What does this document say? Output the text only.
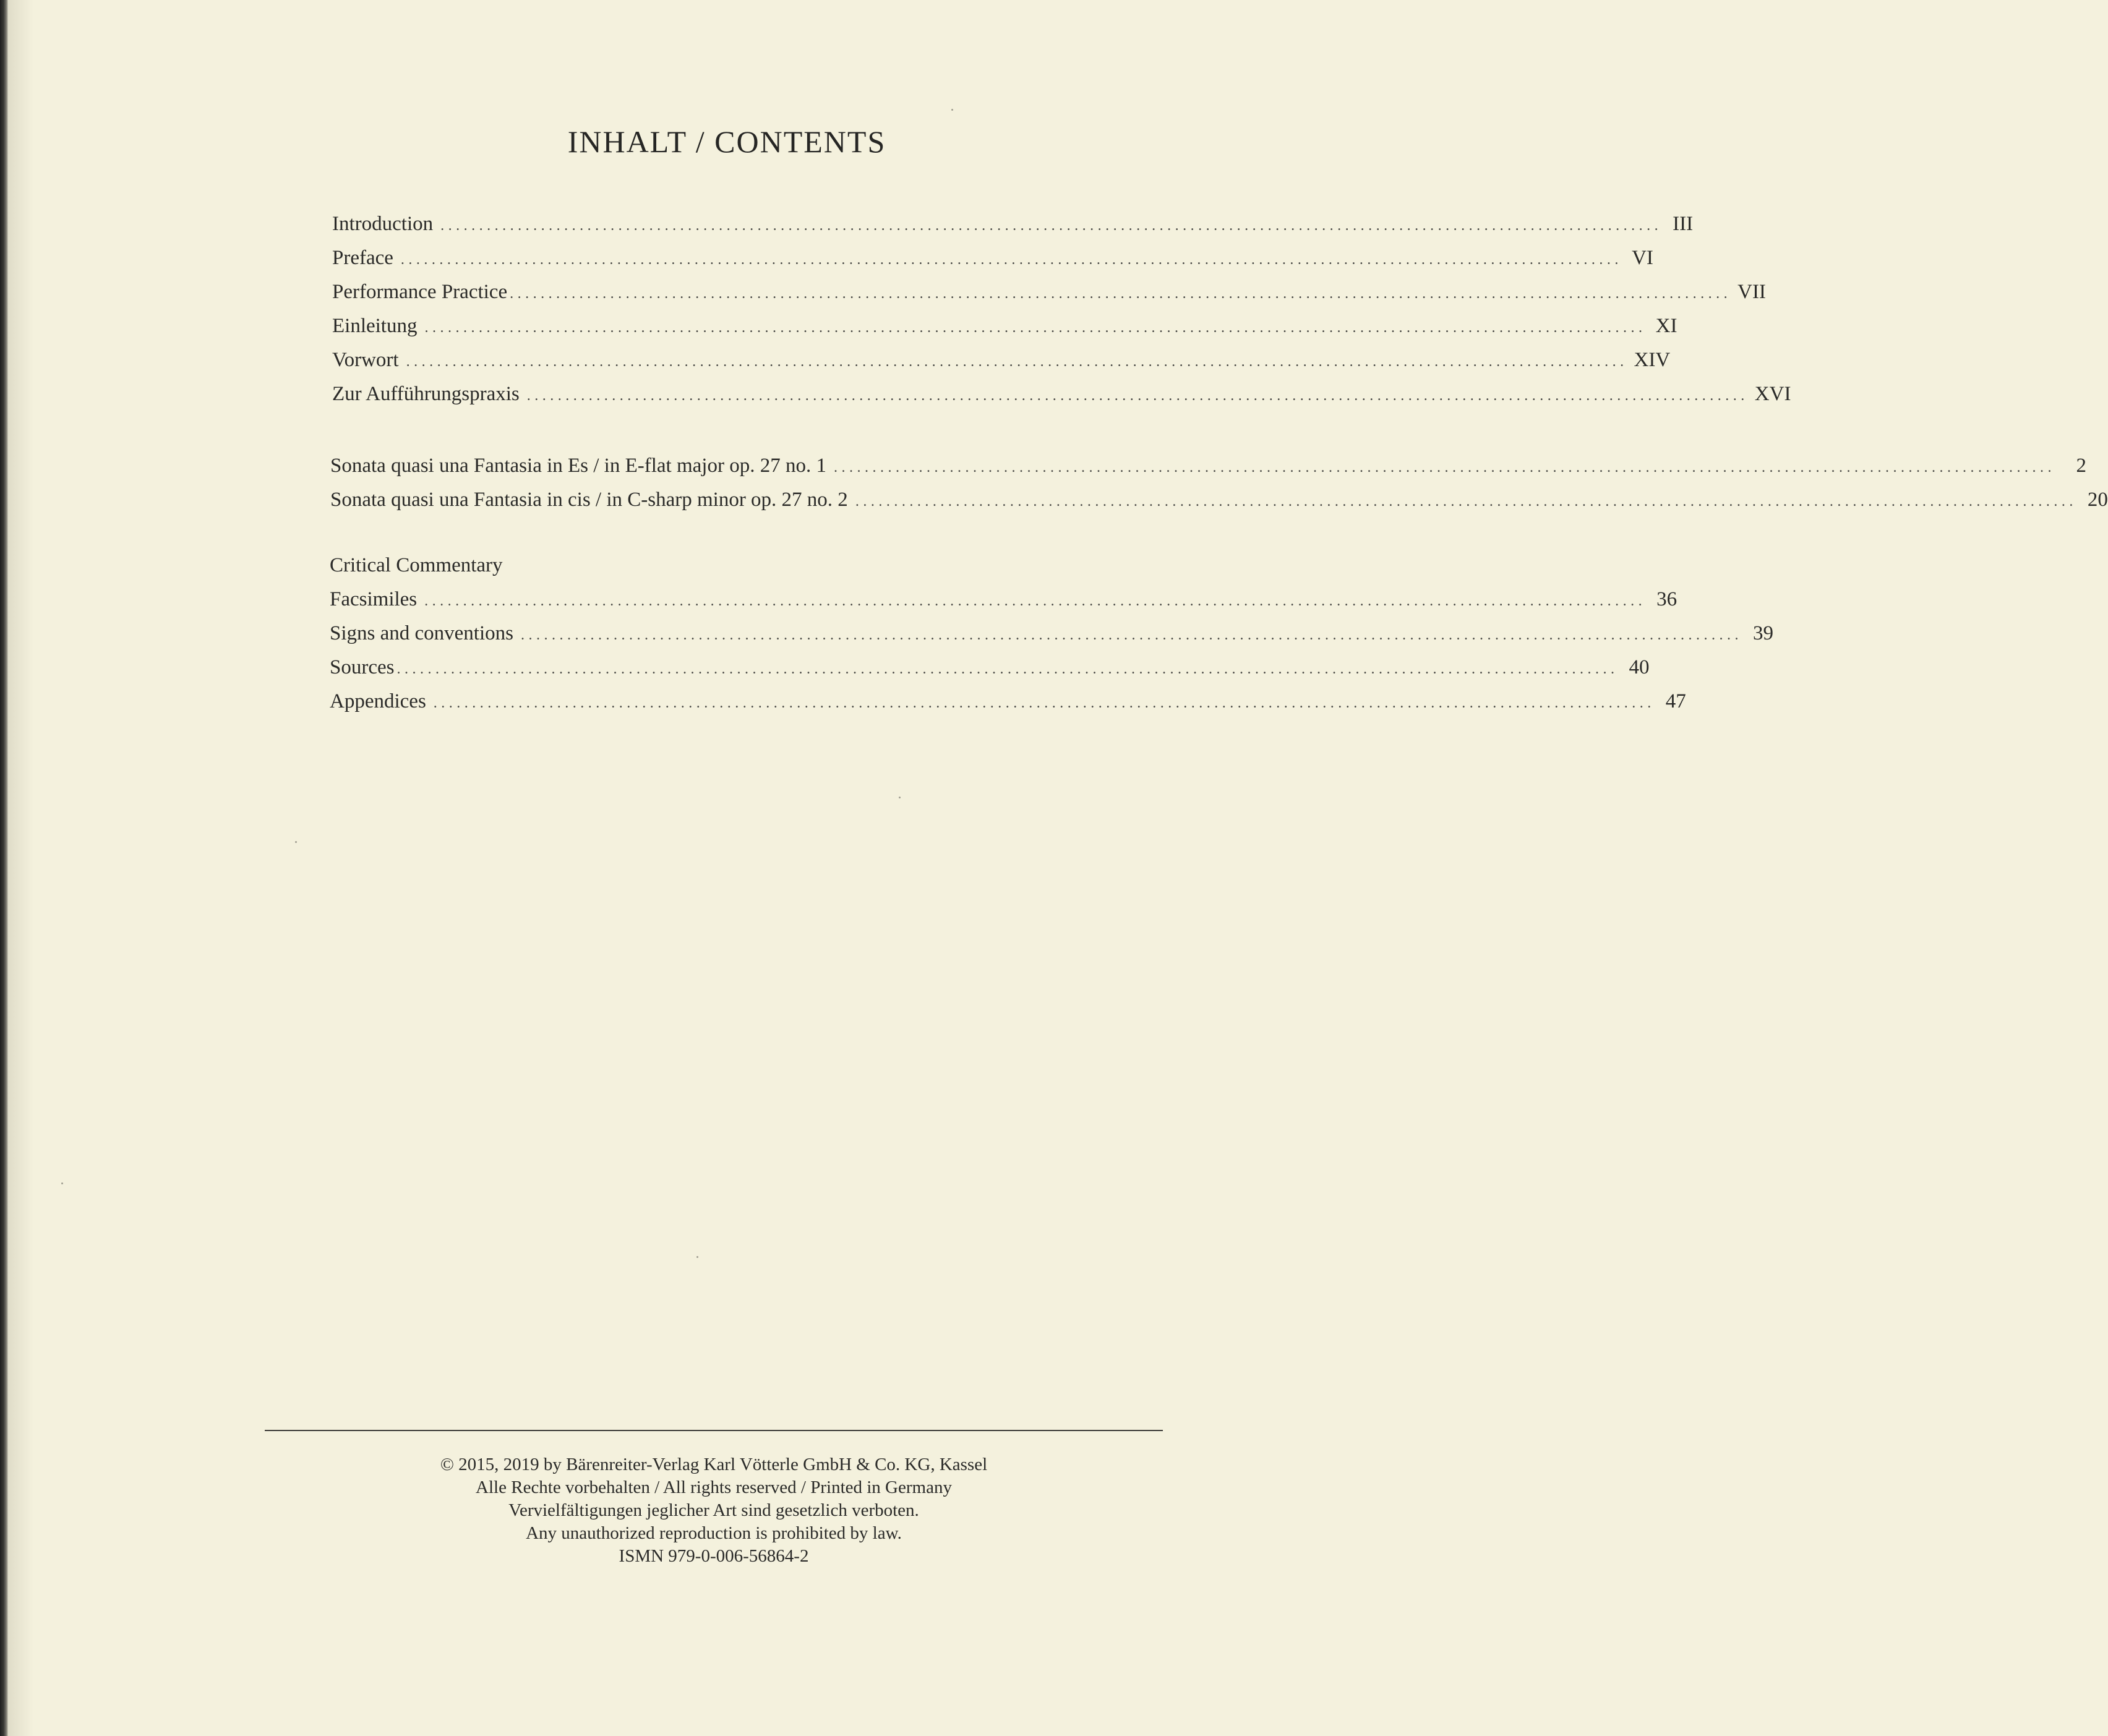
INHALT / CONTENTS
Introduction .............................................................................................................................................................. III
Preface .............................................................................................................................................................. VI
Performance Practice .............................................................................................................................................................. VII
Einleitung .............................................................................................................................................................. XI
Vorwort .............................................................................................................................................................. XIV
Zur Aufführungspraxis .............................................................................................................................................................. XVI
Sonata quasi una Fantasia in Es / in E-flat major op. 27 no. 1 ..............................................................................................................................................................	2
Sonata quasi una Fantasia in cis / in C-sharp minor op. 27 no. 2 .............................................................................................................................................................. 20
Critical Commentary
Facsimiles .............................................................................................................................................................. 36
Signs and conventions .............................................................................................................................................................. 39
Sources .............................................................................................................................................................. 40
Appendices .............................................................................................................................................................. 47
© 2015, 2019 by Bärenreiter-Verlag Karl Vötterle GmbH & Co. KG, Kassel
Alle Rechte vorbehalten / All rights reserved / Printed in Germany
Vervielfältigungen jeglicher Art sind gesetzlich verboten.
Any unauthorized reproduction is prohibited by law.
ISMN 979-0-006-56864-2
